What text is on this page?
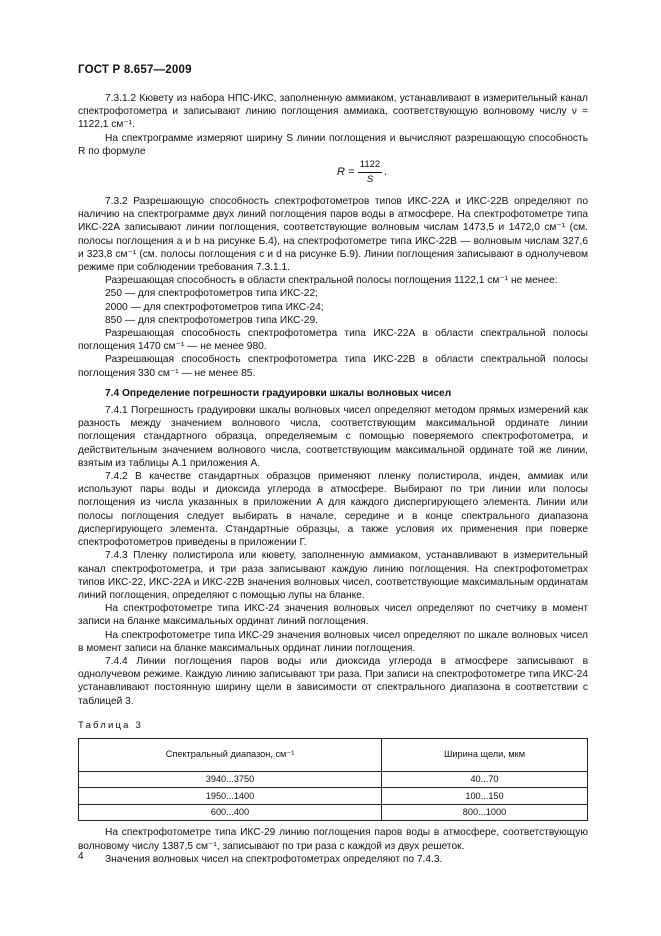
ГОСТ Р 8.657—2009

7.3.1.2 Кювету из набора НПС-ИКС, заполненную аммиаком, устанавливают в измерительный канал спектрофотометра и записывают линию поглощения аммиака, соответствующую волновому числу ν = 1122,1 см⁻¹.

На спектрограмме измеряют ширину S линии поглощения и вычисляют разрешающую способность R по формуле

$R = \frac{1122}{S}$ .

7.3.2 Разрешающую способность спектрофотометров типов ИКС-22А и ИКС-22В определяют по наличию на спектрограмме двух линий поглощения паров воды в атмосфере. На спектрофотометре типа ИКС-22А записывают линии поглощения, соответствующие волновым числам 1473,5 и 1472,0 см⁻¹ (см. полосы поглощения a и b на рисунке Б.4), на спектрофотометре типа ИКС-22В — волновым числам 327,6 и 323,8 см⁻¹ (см. полосы поглощения c и d на рисунке Б.9). Линии поглощения записывают в однолучевом режиме при соблюдении требования 7.3.1.1.

Разрешающая способность в области спектральной полосы поглощения 1122,1 см⁻¹ не менее:

250 — для спектрофотометров типа ИКС-22;

2000 — для спектрофотометров типа ИКС-24;

850 — для спектрофотометров типа ИКС-29.

Разрешающая способность спектрофотометра типа ИКС-22А в области спектральной полосы поглощения 1470 см⁻¹ — не менее 980.

Разрешающая способность спектрофотометра типа ИКС-22В в области спектральной полосы поглощения 330 см⁻¹ — не менее 85.

7.4 Определение погрешности градуировки шкалы волновых чисел

7.4.1 Погрешность градуировки шкалы волновых чисел определяют методом прямых измерений как разность между значением волнового числа, соответствующим максимальной ординате линии поглощения стандартного образца, определяемым с помощью поверяемого спектрофотометра, и действительным значением волнового числа, соответствующим максимальной ординате той же линии, взятым из таблицы А.1 приложения А.

7.4.2 В качестве стандартных образцов применяют пленку полистирола, инден, аммиак или используют пары воды и диоксида углерода в атмосфере. Выбирают по три линии или полосы поглощения из числа указанных в приложении А для каждого диспергирующего элемента. Линии или полосы поглощения следует выбирать в начале, середине и в конце спектрального диапазона диспергирующего элемента. Стандартные образцы, а также условия их применения при поверке спектрофотометров приведены в приложении Г.

7.4.3 Пленку полистирола или кювету, заполненную аммиаком, устанавливают в измерительный канал спектрофотометра, и три раза записывают каждую линию поглощения. На спектрофотометрах типов ИКС-22, ИКС-22А и ИКС-22В значения волновых чисел, соответствующие максимальным ординатам линий поглощения, определяют с помощью лупы на бланке.

На спектрофотометре типа ИКС-24 значения волновых чисел определяют по счетчику в момент записи на бланке максимальных ординат линий поглощения.

На спектрофотометре типа ИКС-29 значения волновых чисел определяют по шкале волновых чисел в момент записи на бланке максимальных ординат линии поглощения.

7.4.4 Линии поглощения паров воды или диоксида углерода в атмосфере записывают в однолучевом режиме. Каждую линию записывают три раза. При записи на спектрофотометре типа ИКС-24 устанавливают постоянную ширину щели в зависимости от спектрального диапазона в соответствии с таблицей 3.

Таблица 3
Спектральный диапазон, см⁻¹	Ширина щели, мкм
3940...3750	40...70
1950...1400	100...150
600...400	800...1000

На спектрофотометре типа ИКС-29 линию поглощения паров воды в атмосфере, соответствующую волновому числу 1387,5 см⁻¹, записывают по три раза с каждой из двух решеток.

Значения волновых чисел на спектрофотометрах определяют по 7.4.3.

4
